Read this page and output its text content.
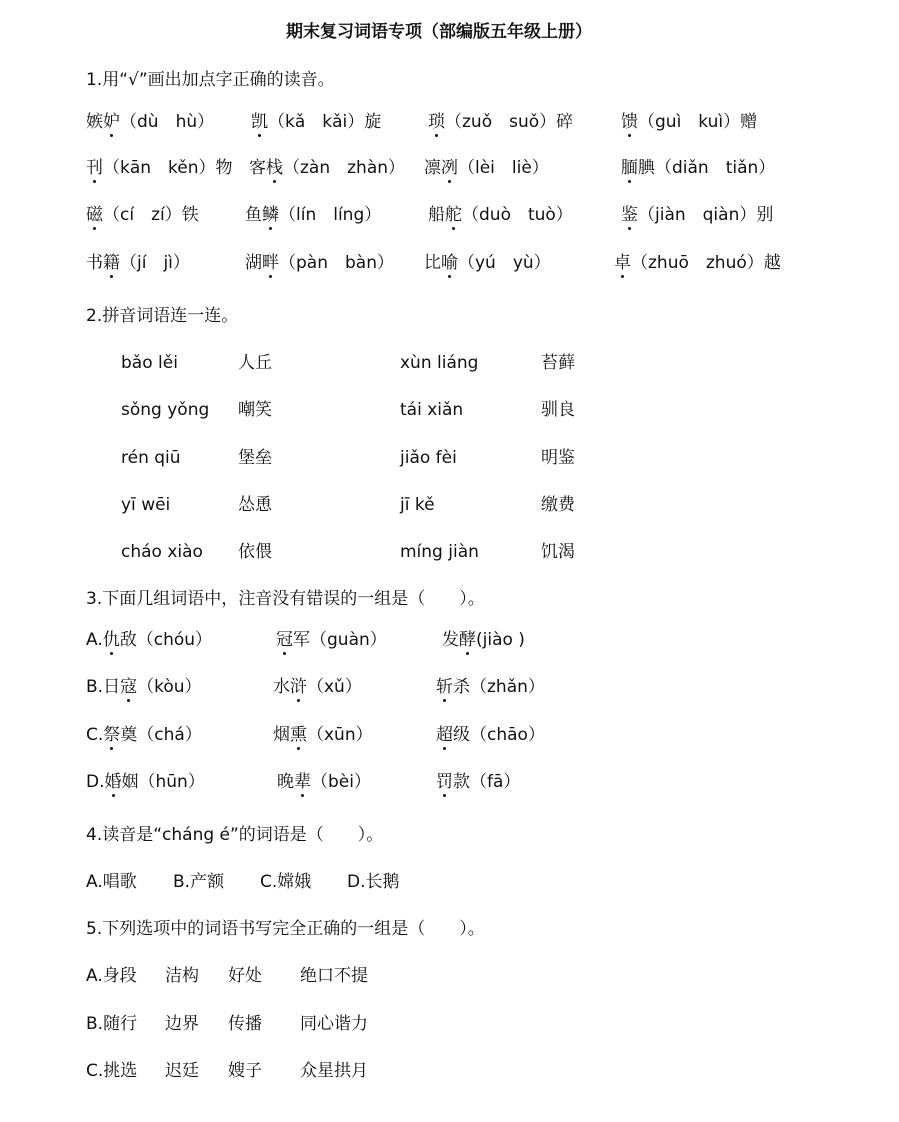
期末复习词语专项（部编版五年级上册）
1.用“√”画出加点字正确的读音。
嫉妒（dù　hù） 凯（kǎ　kǎi）旋	琐（zuǒ　suǒ）碎	馈（guì　kuì）赠
刊（kān　kěn）物 客栈（zàn　zhàn） 凛冽（lèi　liè）	腼腆（diǎn　tiǎn）
磁（cí　zí）铁	鱼鳞（lín　líng）	船舵（duò　tuò）	鉴（jiàn　qiàn）别
书籍（jí　jì）	湖畔（pàn　bàn） 比喻（yú　yù）	卓（zhuō　zhuó）越
2.拼音词语连一连。
bǎo lěi	人丘	xùn liáng	苔藓
sǒng yǒng 嘲笑	tái xiǎn	驯良
rén qiū	堡垒	jiǎo fèi	明鉴
yī wēi	怂恿	jī kě	缴费
cháo xiào 依偎	míng jiàn	饥渴
3.下面几组词语中，注音没有错误的一组是（　　）。
A.仇敌（chóu）	冠军（guàn）	发酵(jiào )
B.日寇（kòu）	水浒（xǔ）	斩杀（zhǎn）
C.祭奠（chá）	烟熏（xūn）	超级（chāo）
D.婚姻（hūn）	晚辈（bèi）	罚款（fā）
4.读音是“cháng é”的词语是（　　）。
A.唱歌 B.产额 C.嫦娥 D.长鹅
5.下列选项中的词语书写完全正确的一组是（　　）。
A.身段 洁构 好处 绝口不提
B.随行 边界 传播 同心谐力
C.挑选 迟廷 嫂子 众星拱月
